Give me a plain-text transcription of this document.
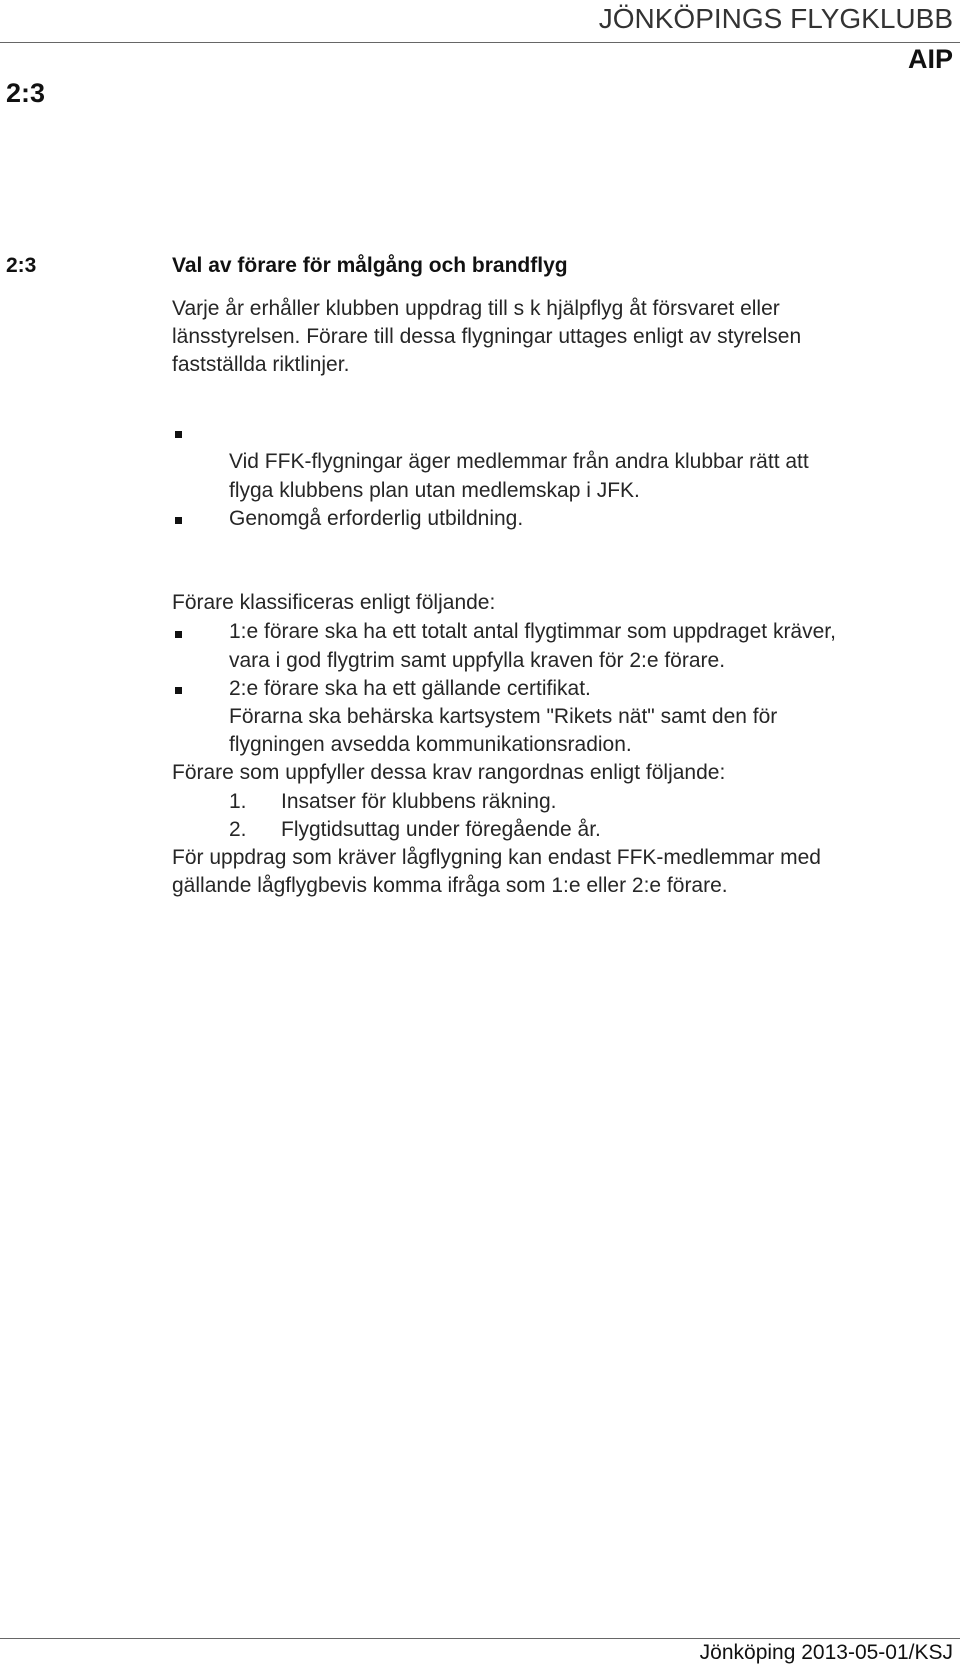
JÖNKÖPINGS FLYGKLUBB
AIP
2:3
2:3	Val av förare för målgång och brandflyg
Varje år erhåller klubben uppdrag till s k hjälpflyg åt försvaret eller
länsstyrelsen. Förare till dessa flygningar uttages enligt av styrelsen
fastställda riktlinjer.
Vid FFK-flygningar äger medlemmar från andra klubbar rätt att
flyga klubbens plan utan medlemskap i JFK.
Genomgå erforderlig utbildning.
Förare klassificeras enligt följande:
1:e förare ska ha ett totalt antal flygtimmar som uppdraget kräver,
vara i god flygtrim samt uppfylla kraven för 2:e förare.
2:e förare ska ha ett gällande certifikat.
Förarna ska behärska kartsystem "Rikets nät" samt den för
flygningen avsedda kommunikationsradion.
Förare som uppfyller dessa krav rangordnas enligt följande:
1. Insatser för klubbens räkning.
2. Flygtidsuttag under föregående år.
För uppdrag som kräver lågflygning kan endast FFK-medlemmar med
gällande lågflygbevis komma ifråga som 1:e eller 2:e förare.
Jönköping 2013-05-01/KSJ
